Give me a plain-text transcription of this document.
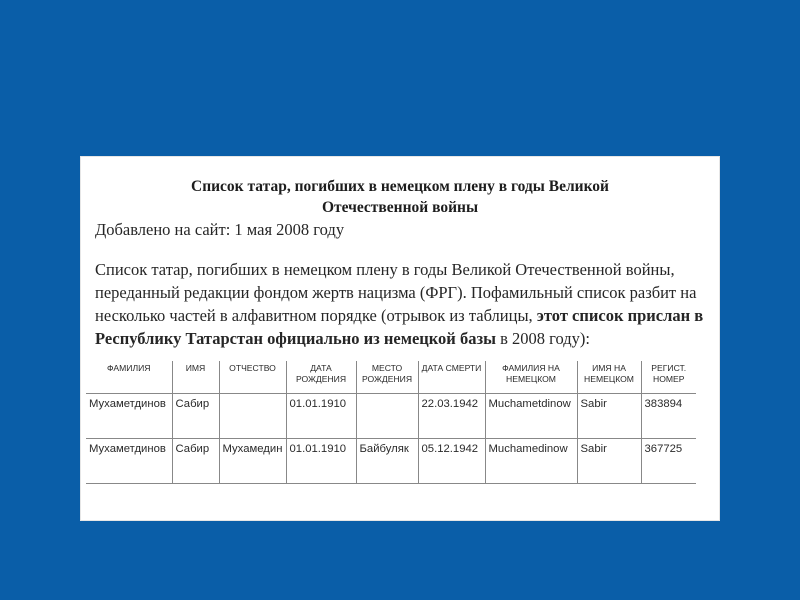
Список татар, погибших в немецком плену в годы Великой
Отечественной войны
Добавлено на сайт: 1 мая 2008 году
Список татар, погибших в немецком плену в годы Великой Отечественной войны, переданный редакции фондом жертв нацизма (ФРГ). Пофамильный список разбит на несколько частей в алфавитном порядке (отрывок из таблицы, этот список прислан в Республику Татарстан официально из немецкой базы в 2008 году):
ФАМИЛИЯ	ИМЯ	ОТЧЕСТВО	ДАТА РОЖДЕНИЯ	МЕСТО РОЖДЕНИЯ	ДАТА СМЕРТИ	ФАМИЛИЯ НА НЕМЕЦКОМ	ИМЯ НА НЕМЕЦКОМ	РЕГИСТ. НОМЕР
Мухаметдинов	Сабир		01.01.1910		22.03.1942	Muchametdinow	Sabir	383894
Мухаметдинов	Сабир	Мухамедин	01.01.1910	Байбуляк	05.12.1942	Muchamedinow	Sabir	367725
